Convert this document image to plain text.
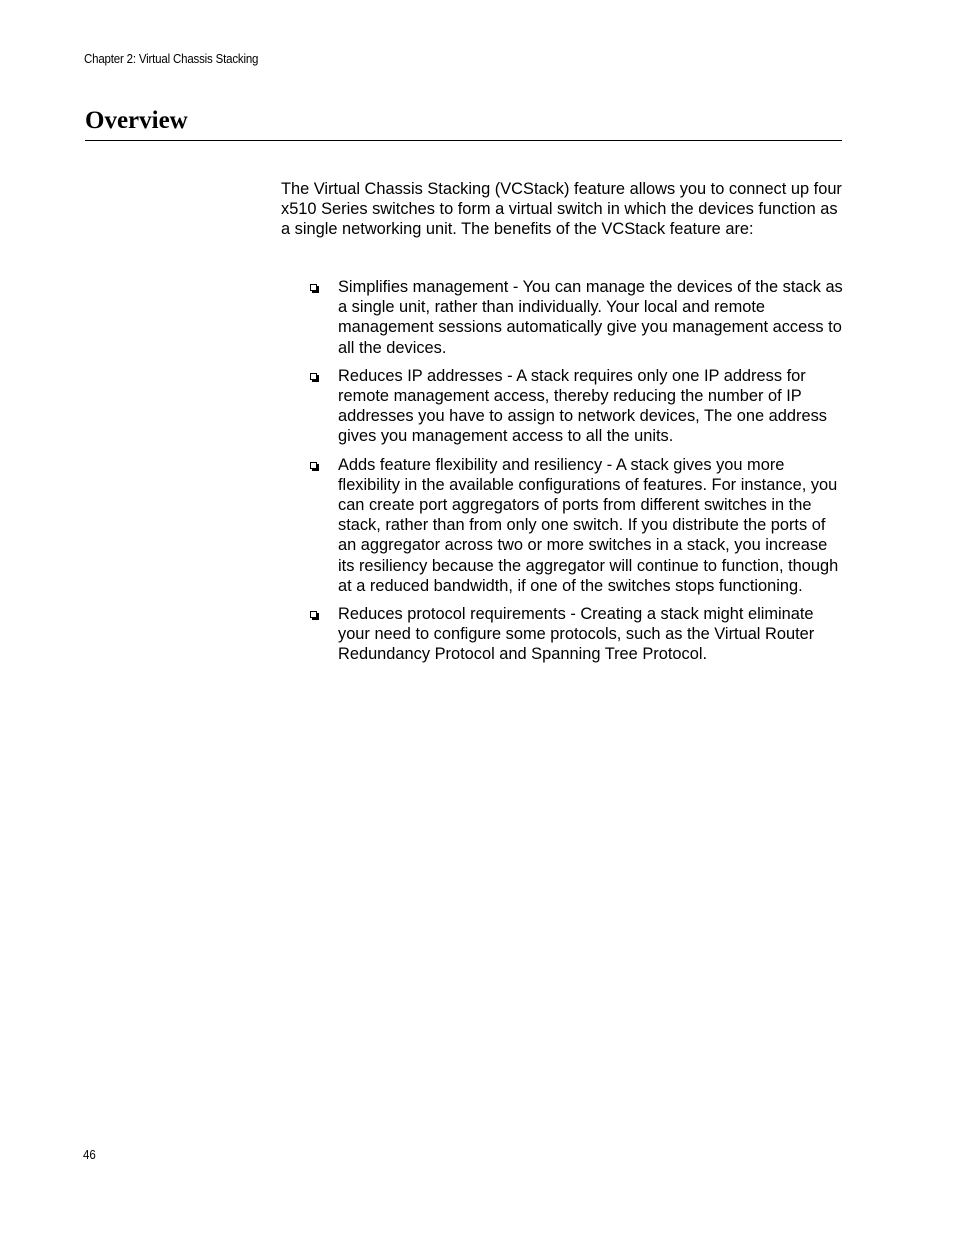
Chapter 2: Virtual Chassis Stacking
Overview

The Virtual Chassis Stacking (VCStack) feature allows you to connect up four x510 Series switches to form a virtual switch in which the devices function as a single networking unit. The benefits of the VCStack feature are:

Simplifies management - You can manage the devices of the stack as a single unit, rather than individually. Your local and remote management sessions automatically give you management access to all the devices.
Reduces IP addresses - A stack requires only one IP address for remote management access, thereby reducing the number of IP addresses you have to assign to network devices, The one address gives you management access to all the units.
Adds feature flexibility and resiliency - A stack gives you more flexibility in the available configurations of features. For instance, you can create port aggregators of ports from different switches in the stack, rather than from only one switch. If you distribute the ports of an aggregator across two or more switches in a stack, you increase its resiliency because the aggregator will continue to function, though at a reduced bandwidth, if one of the switches stops functioning.
Reduces protocol requirements - Creating a stack might eliminate your need to configure some protocols, such as the Virtual Router Redundancy Protocol and Spanning Tree Protocol.
46
